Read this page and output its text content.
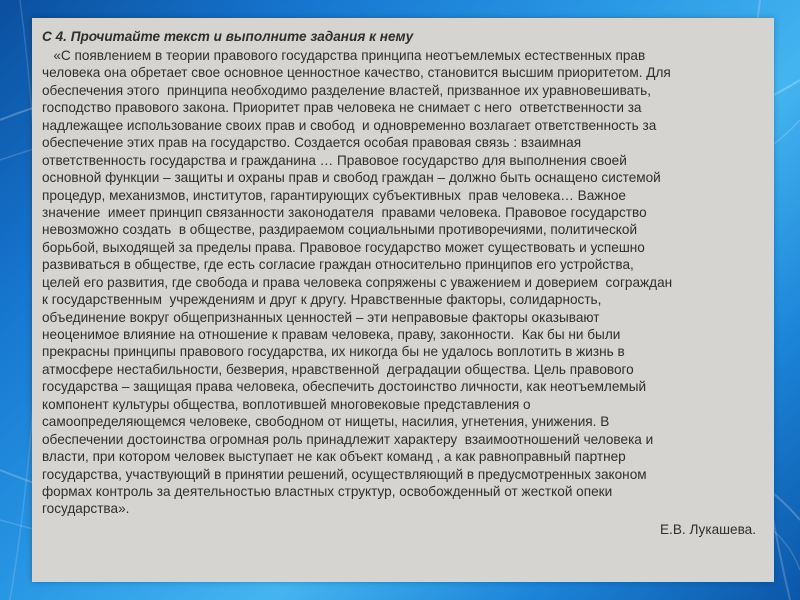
С 4. Прочитайте текст и выполните задания к нему
«С появлением в теории правового государства принципа неотъемлемых естественных прав
человека она обретает свое основное ценностное качество, становится высшим приоритетом. Для
обеспечения этого  принципа необходимо разделение властей, призванное их уравновешивать,
господство правового закона. Приоритет прав человека не снимает с него  ответственности за
надлежащее использование своих прав и свобод  и одновременно возлагает ответственность за
обеспечение этих прав на государство. Создается особая правовая связь : взаимная
ответственность государства и гражданина … Правовое государство для выполнения своей
основной функции – защиты и охраны прав и свобод граждан – должно быть оснащено системой
процедур, механизмов, институтов, гарантирующих субъективных  прав человека… Важное
значение  имеет принцип связанности законодателя  правами человека. Правовое государство
невозможно создать  в обществе, раздираемом социальными противоречиями, политической
борьбой, выходящей за пределы права. Правовое государство может существовать и успешно
развиваться в обществе, где есть согласие граждан относительно принципов его устройства,
целей его развития, где свобода и права человека сопряжены с уважением и доверием  сограждан
к государственным  учреждениям и друг к другу. Нравственные факторы, солидарность,
объединение вокруг общепризнанных ценностей – эти неправовые факторы оказывают
неоценимое влияние на отношение к правам человека, праву, законности.  Как бы ни были
прекрасны принципы правового государства, их никогда бы не удалось воплотить в жизнь в
атмосфере нестабильности, безверия, нравственной  деградации общества. Цель правового
государства – защищая права человека, обеспечить достоинство личности, как неотъемлемый
компонент культуры общества, воплотившей многовековые представления о
самоопределяющемся человеке, свободном от нищеты, насилия, угнетения, унижения. В
обеспечении достоинства огромная роль принадлежит характеру  взаимоотношений человека и
власти, при котором человек выступает не как объект команд , а как равноправный партнер
государства, участвующий в принятии решений, осуществляющий в предусмотренных законом
формах контроль за деятельностью властных структур, освобожденный от жесткой опеки
государства».
Е.В. Лукашева.
